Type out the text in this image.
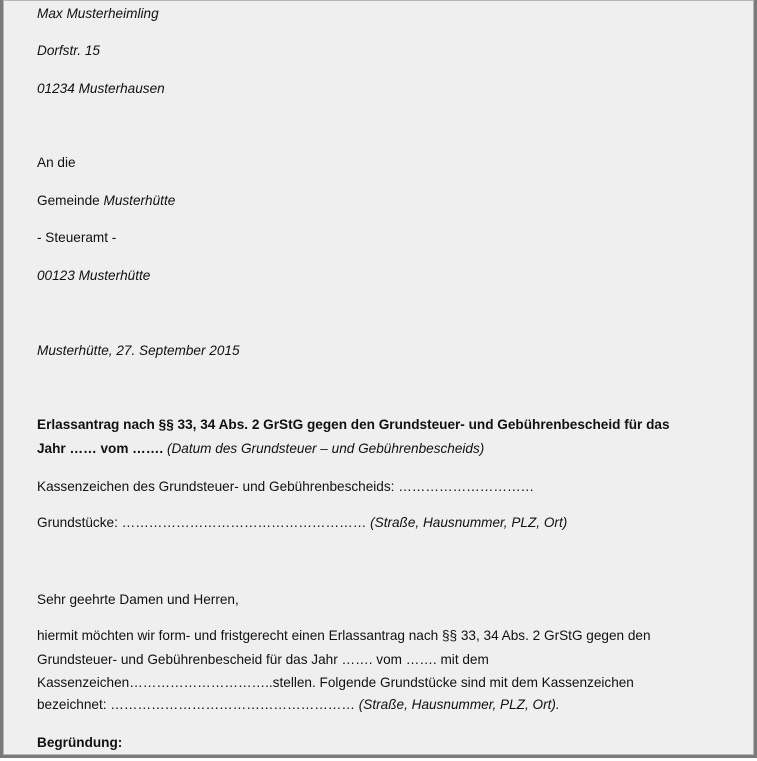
Max Musterheimling
Dorfstr. 15
01234 Musterhausen
An die
Gemeinde Musterhütte
- Steueramt -
00123 Musterhütte
Musterhütte, 27. September 2015
Erlassantrag nach §§ 33, 34 Abs. 2 GrStG gegen den Grundsteuer- und Gebührenbescheid für das
Jahr …… vom ……. (Datum des Grundsteuer – und Gebührenbescheids)
Kassenzeichen des Grundsteuer- und Gebührenbescheids: …………………………
Grundstücke: ……………………………………………… (Straße, Hausnummer, PLZ, Ort)
Sehr geehrte Damen und Herren,
hiermit möchten wir form- und fristgerecht einen Erlassantrag nach §§ 33, 34 Abs. 2 GrStG gegen den
Grundsteuer- und Gebührenbescheid für das Jahr ……. vom ……. mit dem
Kassenzeichen…………………………..stellen. Folgende Grundstücke sind mit dem Kassenzeichen
bezeichnet: ……………………………………………… (Straße, Hausnummer, PLZ, Ort).
Begründung:
